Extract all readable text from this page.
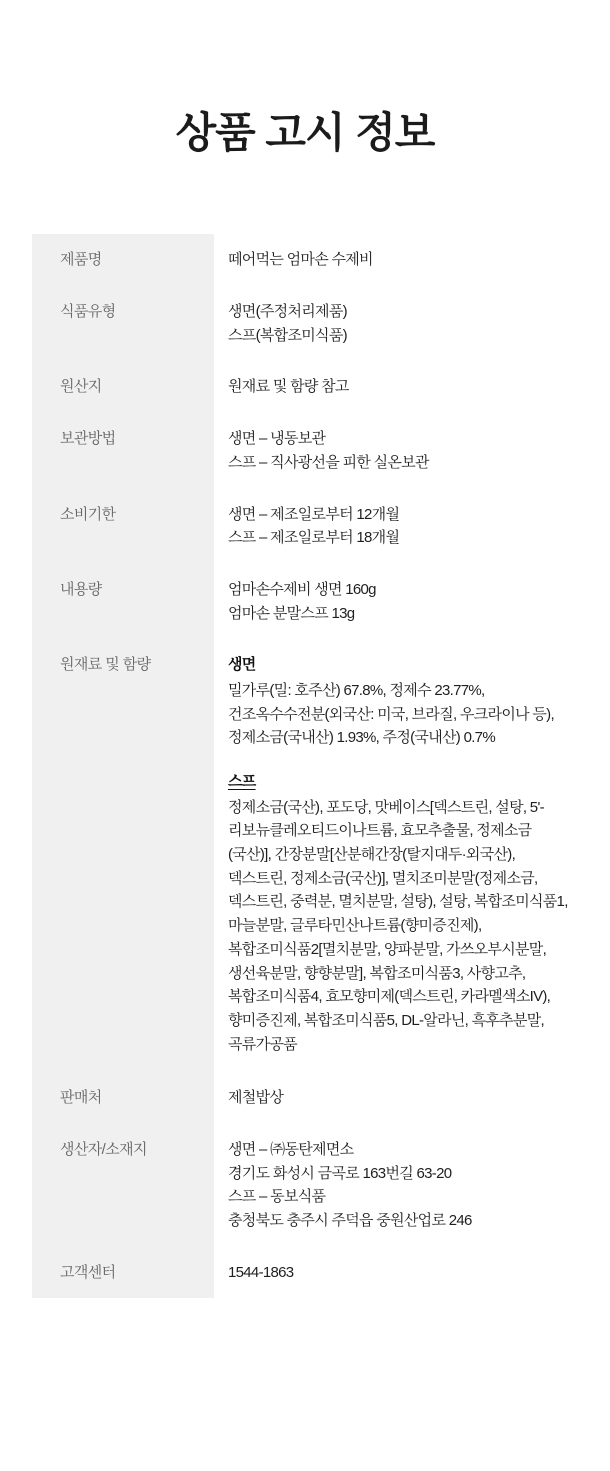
상품 고시 정보
제품명	떼어먹는 엄마손 수제비

식품유형	생면(주정처리제품)
스프(복합조미식품)

원산지	원재료 및 함량 참고

보관방법	생면 – 냉동보관
스프 – 직사광선을 피한 실온보관

소비기한	생면 – 제조일로부터 12개월
스프 – 제조일로부터 18개월

내용량	엄마손수제비 생면 160g
엄마손 분말스프 13g

원재료 및 함량	생면
밀가루(밀: 호주산) 67.8%, 정제수 23.77%, 건조옥수수전분(외국산: 미국, 브라질, 우크라이나 등), 정제소금(국내산) 1.93%, 주정(국내산) 0.7%
스프
정제소금(국산), 포도당, 맛베이스[덱스트린, 설탕, 5'-리보뉴클레오티드이나트륨, 효모추출물, 정제소금(국산)], 간장분말[산분해간장(탈지대두·외국산), 덱스트린, 정제소금(국산)], 멸치조미분말(정제소금, 덱스트린, 중력분, 멸치분말, 설탕), 설탕, 복합조미식품1, 마늘분말, 글루타민산나트륨(향미증진제), 복합조미식품2[멸치분말, 양파분말, 가쓰오부시분말, 생선육분말, 향향분말], 복합조미식품3, 사향고추, 복합조미식품4, 효모향미제(덱스트린, 카라멜색소IV), 향미증진제, 복합조미식품5, DL-알라닌, 흑후추분말, 곡류가공품

판매처	제철밥상

생산자/소재지	생면 – ㈜동탄제면소
경기도 화성시 금곡로 163번길 63-20
스프 – 동보식품
충청북도 충주시 주덕읍 중원산업로 246

고객센터	1544-1863
